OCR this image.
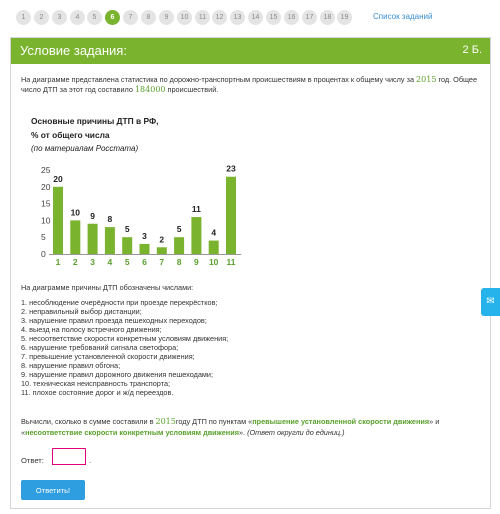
1	2	3	4	5	6	7	8	9	10	11	12	13	14	15	16	17	18	19	Список заданий
Условие задания:	2 Б.

На диаграмме представлена статистика по дорожно-транспортным происшествиям в процентах к общему числу за 2015 год. Общее число ДТП за этот год составило 184000 происшествий.

Основные причины ДТП в РФ,
% от общего числа
(по материалам Росстата)
25
20
15
10
5
0
20
1
10
2
9
3
8
4
5
5
3
6
2
7
5
8
11
9
4
10
23
11
На диаграмме причины ДТП обозначены числами:
1. несоблюдение очерёдности при проезде перекрёстков;
2. неправильный выбор дистанции;
3. нарушение правил проезда пешеходных переходов;
4. выезд на полосу встречного движения;
5. несоответствие скорости конкретным условиям движения;
6. нарушение требований сигнала светофора;
7. превышение установленной скорости движения;
8. нарушение правил обгона;
9. нарушение правил дорожного движения пешеходами;
10. техническая неисправность транспорта;
11. плохое состояние дорог и ж/д переездов.

Вычисли, сколько в сумме составили в 2015году ДТП по пунктам «превышение установленной скорости движения» и «несоответствие скорости конкретным условиям движения». (Ответ округли до единиц.)

Ответ:	.
Ответить!
✉
